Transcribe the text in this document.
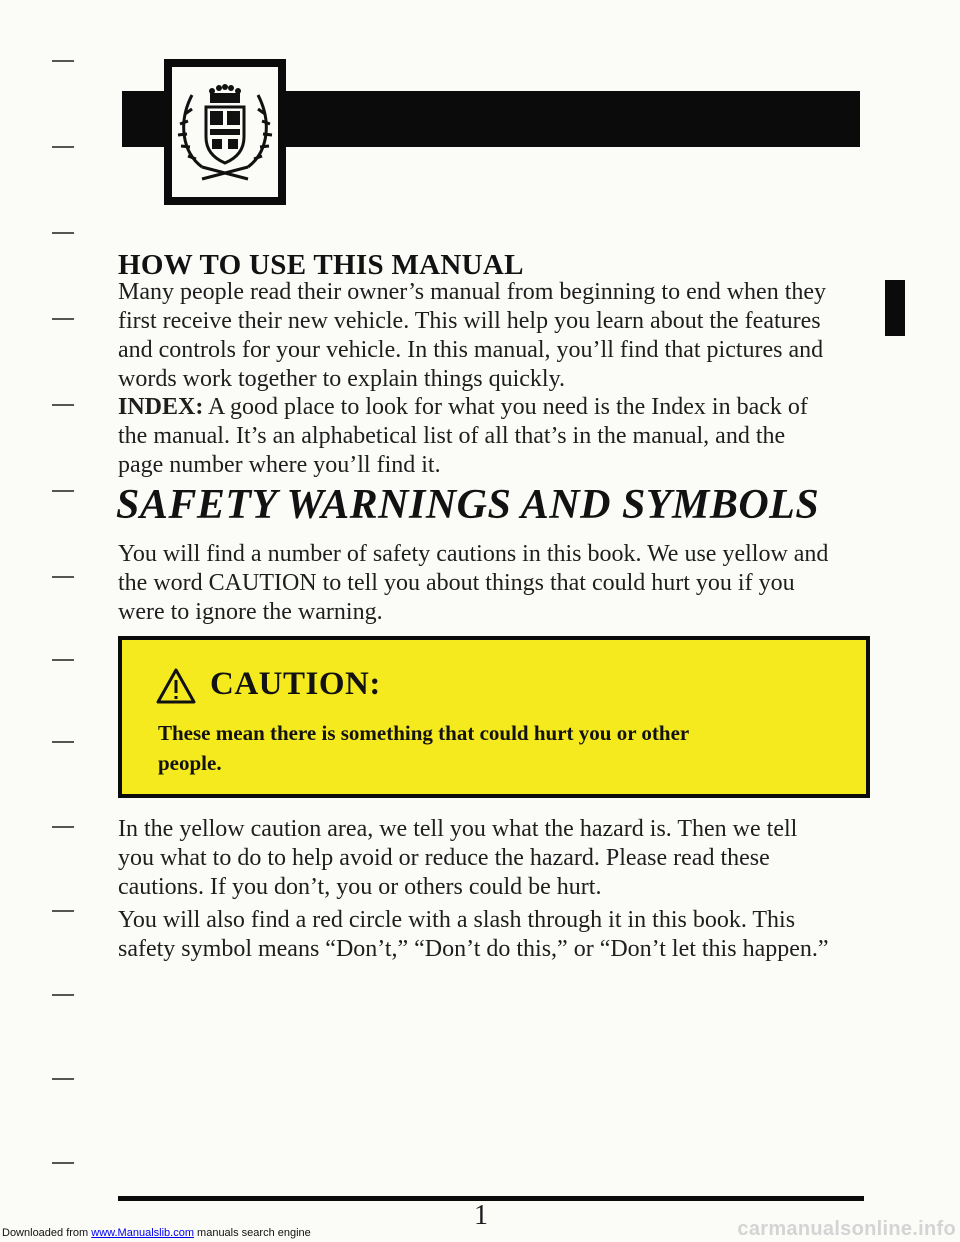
HOW TO USE THIS MANUAL

Many people read their owner’s manual from beginning to end when they
first receive their new vehicle. This will help you learn about the features
and controls for your vehicle. In this manual, you’ll find that pictures and
words work together to explain things quickly.

INDEX: A good place to look for what you need is the Index in back of
the manual. It’s an alphabetical list of all that’s in the manual, and the
page number where you’ll find it.

SAFETY WARNINGS AND SYMBOLS

You will find a number of safety cautions in this book. We use yellow and
the word CAUTION to tell you about things that could hurt you if you
were to ignore the warning.

CAUTION:

These mean there is something that could hurt you or other
people.

In the yellow caution area, we tell you what the hazard is. Then we tell
you what to do to help avoid or reduce the hazard. Please read these
cautions. If you don’t, you or others could be hurt.

You will also find a red circle with a slash through it in this book. This
safety symbol means “Don’t,” “Don’t do this,” or “Don’t let this happen.”

1
Downloaded from www.Manualslib.com manuals search engine	carmanualsonline.info
